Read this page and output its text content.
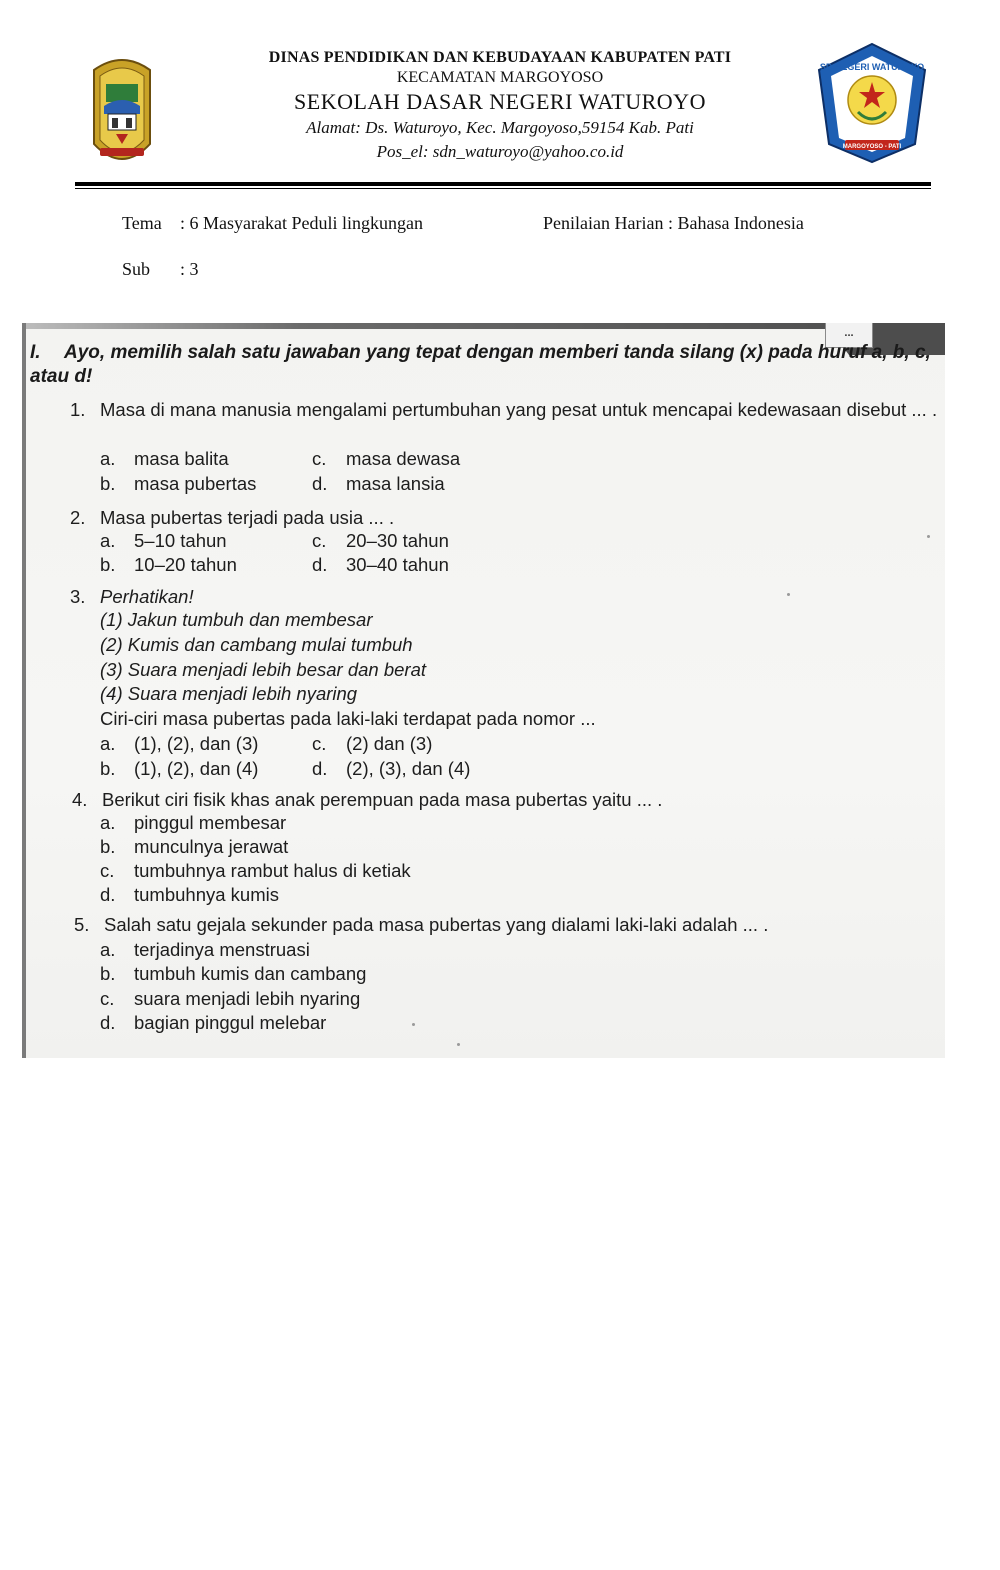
DINAS PENDIDIKAN DAN KEBUDAYAAN KABUPATEN PATI
KECAMATAN MARGOYOSO
SEKOLAH DASAR NEGERI WATUROYO
Alamat: Ds. Waturoyo, Kec. Margoyoso,59154 Kab. Pati
Pos_el: sdn_waturoyo@yahoo.co.id
SD NEGERI WATUROYO
MARGOYOSO - PATI
Tema : 6 Masyarakat Peduli lingkungan	Penilaian Harian : Bahasa Indonesia
Sub : 3
...
I. Ayo, memilih salah satu jawaban yang tepat dengan memberi tanda silang (x) pada huruf a, b, c, atau d!
1. Masa di mana manusia mengalami pertumbuhan yang pesat untuk mencapai kedewasaan disebut ... .
a. masa balita	c. masa dewasa
b. masa pubertas	d. masa lansia
2. Masa pubertas terjadi pada usia ... .
a. 5–10 tahun	c. 20–30 tahun
b. 10–20 tahun	d. 30–40 tahun
3. Perhatikan!
(1) Jakun tumbuh dan membesar
(2) Kumis dan cambang mulai tumbuh
(3) Suara menjadi lebih besar dan berat
(4) Suara menjadi lebih nyaring
Ciri-ciri masa pubertas pada laki-laki terdapat pada nomor ...
a. (1), (2), dan (3)	c. (2) dan (3)
b. (1), (2), dan (4)	d. (2), (3), dan (4)
4. Berikut ciri fisik khas anak perempuan pada masa pubertas yaitu ... .
a. pinggul membesar
b. munculnya jerawat
c. tumbuhnya rambut halus di ketiak
d. tumbuhnya kumis
5. Salah satu gejala sekunder pada masa pubertas yang dialami laki-laki adalah ... .
a. terjadinya menstruasi
b. tumbuh kumis dan cambang
c. suara menjadi lebih nyaring
d. bagian pinggul melebar
